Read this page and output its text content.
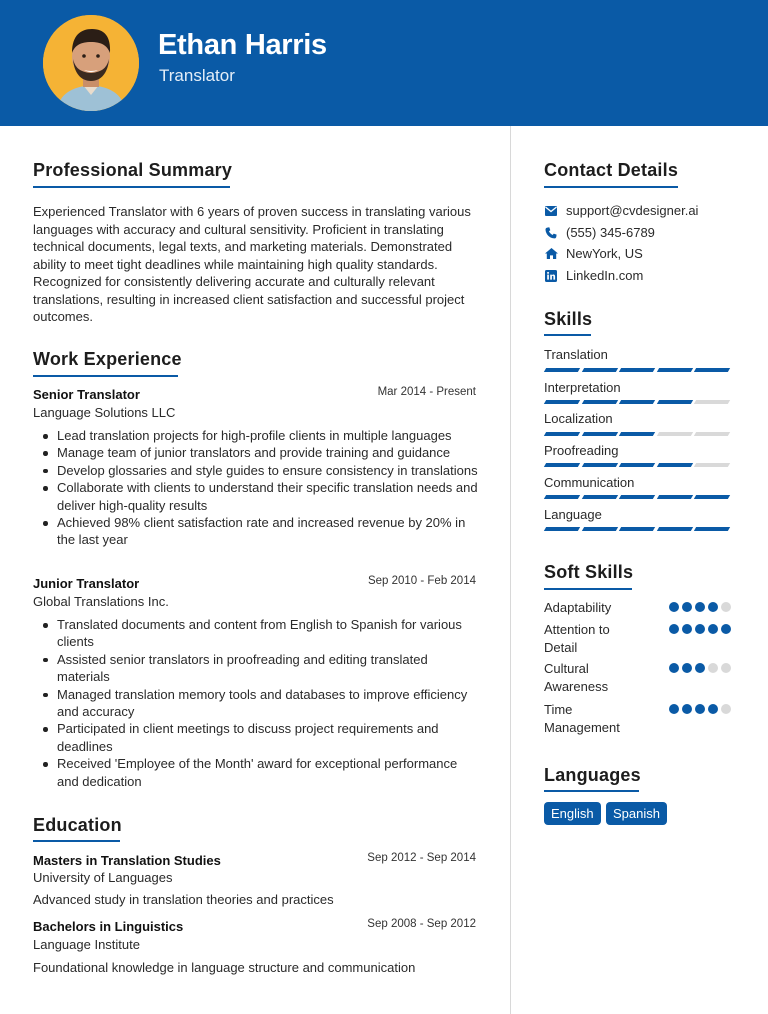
Ethan Harris
Translator
Professional Summary
Experienced Translator with 6 years of proven success in translating various languages with accuracy and cultural sensitivity. Proficient in translating technical documents, legal texts, and marketing materials. Demonstrated ability to meet tight deadlines while maintaining high quality standards. Recognized for consistently delivering accurate and culturally relevant translations, resulting in increased client satisfaction and successful project outcomes.
Work Experience
Senior Translator	Mar 2014 - Present
Language Solutions LLC
Lead translation projects for high-profile clients in multiple languages
Manage team of junior translators and provide training and guidance
Develop glossaries and style guides to ensure consistency in translations
Collaborate with clients to understand their specific translation needs and deliver high-quality results
Achieved 98% client satisfaction rate and increased revenue by 20% in the last year
Junior Translator	Sep 2010 - Feb 2014
Global Translations Inc.
Translated documents and content from English to Spanish for various clients
Assisted senior translators in proofreading and editing translated materials
Managed translation memory tools and databases to improve efficiency and accuracy
Participated in client meetings to discuss project requirements and deadlines
Received 'Employee of the Month' award for exceptional performance and dedication
Education
Masters in Translation Studies	Sep 2012 - Sep 2014
University of Languages
Advanced study in translation theories and practices
Bachelors in Linguistics	Sep 2008 - Sep 2012
Language Institute
Foundational knowledge in language structure and communication
Contact Details
support@cvdesigner.ai
(555) 345-6789
NewYork, US
LinkedIn.com
Skills
Translation
Interpretation
Localization
Proofreading
Communication
Language
Soft Skills
Adaptability
Attention to Detail
Cultural Awareness
Time Management
Languages
English	Spanish
